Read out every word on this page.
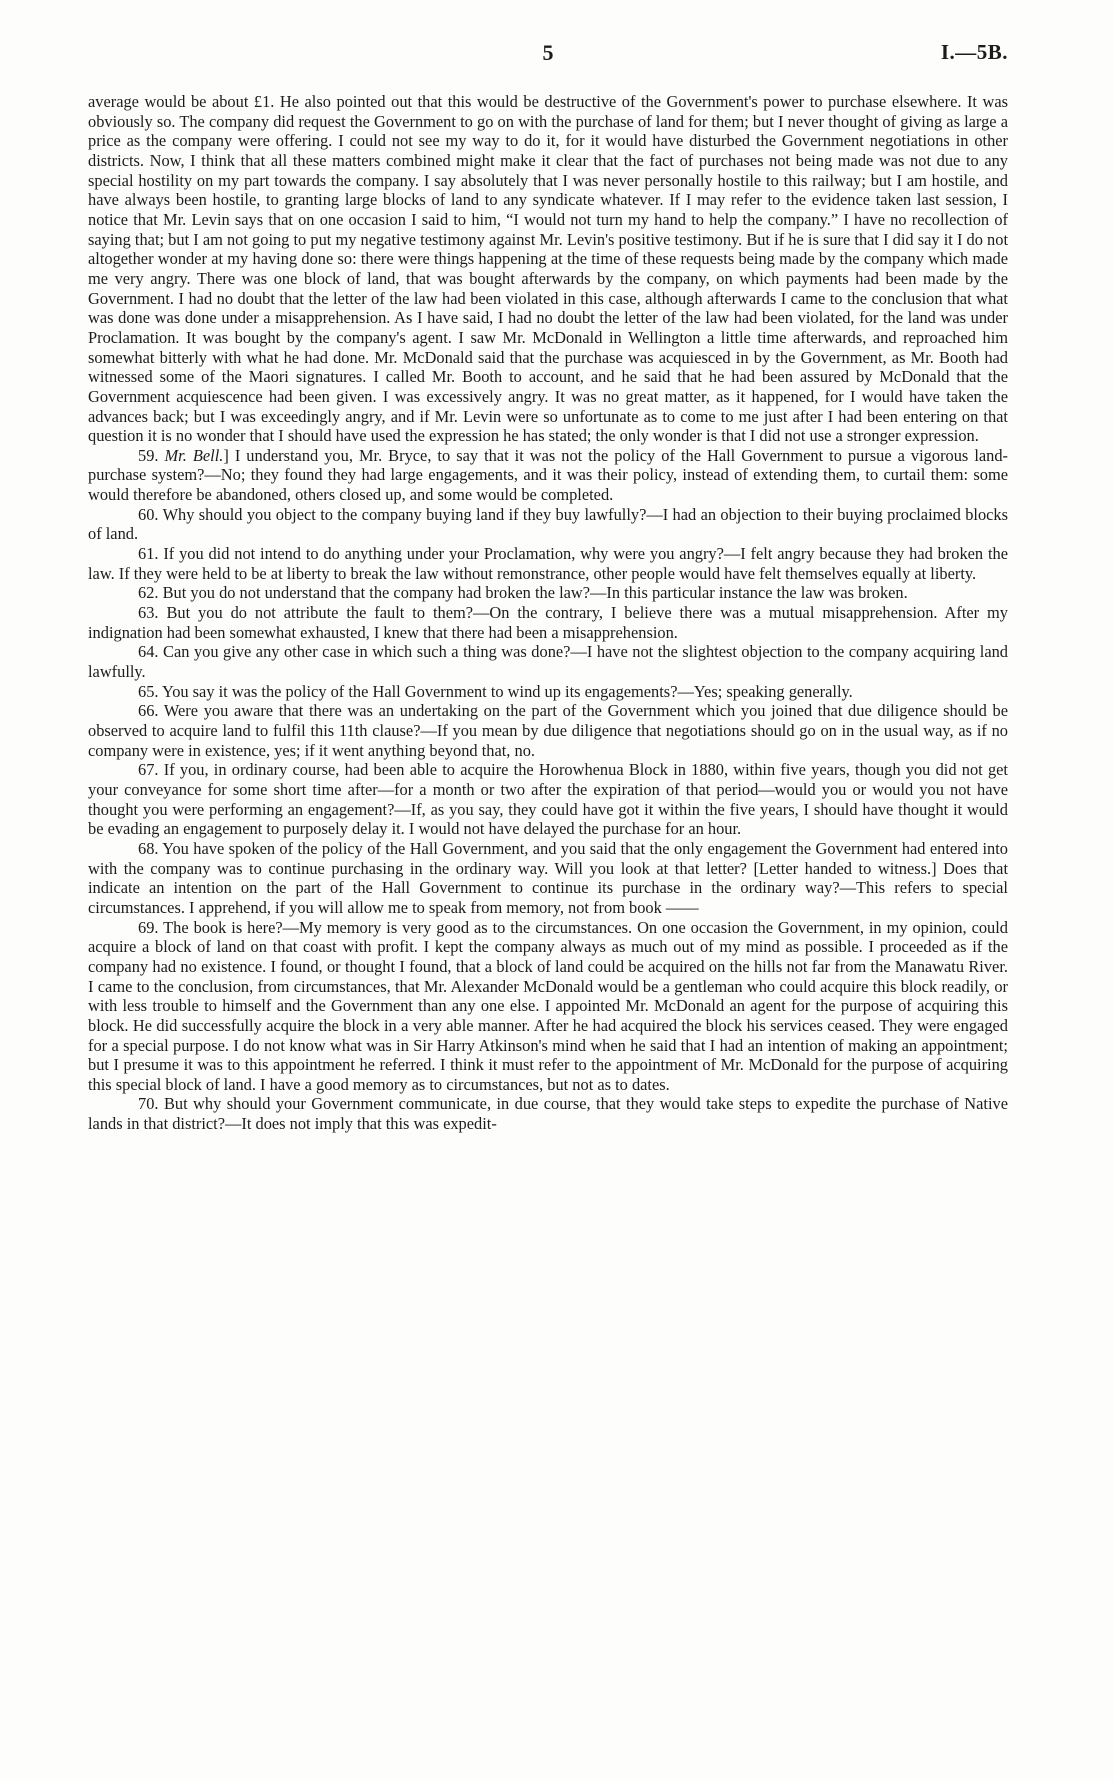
5	I.—5B.

average would be about £1. He also pointed out that this would be destructive of the Government's power to purchase elsewhere. It was obviously so. The company did request the Government to go on with the purchase of land for them; but I never thought of giving as large a price as the company were offering. I could not see my way to do it, for it would have disturbed the Government negotiations in other districts. Now, I think that all these matters combined might make it clear that the fact of purchases not being made was not due to any special hostility on my part towards the company. I say absolutely that I was never personally hostile to this railway; but I am hostile, and have always been hostile, to granting large blocks of land to any syndicate whatever. If I may refer to the evidence taken last session, I notice that Mr. Levin says that on one occasion I said to him, “I would not turn my hand to help the company.” I have no recollection of saying that; but I am not going to put my negative testimony against Mr. Levin's positive testimony. But if he is sure that I did say it I do not altogether wonder at my having done so: there were things happening at the time of these requests being made by the company which made me very angry. There was one block of land, that was bought afterwards by the company, on which payments had been made by the Government. I had no doubt that the letter of the law had been violated in this case, although afterwards I came to the conclusion that what was done was done under a misapprehension. As I have said, I had no doubt the letter of the law had been violated, for the land was under Proclamation. It was bought by the company's agent. I saw Mr. McDonald in Wellington a little time afterwards, and reproached him somewhat bitterly with what he had done. Mr. McDonald said that the purchase was acquiesced in by the Government, as Mr. Booth had witnessed some of the Maori signatures. I called Mr. Booth to account, and he said that he had been assured by McDonald that the Government acquiescence had been given. I was excessively angry. It was no great matter, as it happened, for I would have taken the advances back; but I was exceedingly angry, and if Mr. Levin were so unfortunate as to come to me just after I had been entering on that question it is no wonder that I should have used the expression he has stated; the only wonder is that I did not use a stronger expression.

59. Mr. Bell.] I understand you, Mr. Bryce, to say that it was not the policy of the Hall Government to pursue a vigorous land-purchase system?—No; they found they had large engagements, and it was their policy, instead of extending them, to curtail them: some would therefore be abandoned, others closed up, and some would be completed.

60. Why should you object to the company buying land if they buy lawfully?—I had an objection to their buying proclaimed blocks of land.

61. If you did not intend to do anything under your Proclamation, why were you angry?—I felt angry because they had broken the law. If they were held to be at liberty to break the law without remonstrance, other people would have felt themselves equally at liberty.

62. But you do not understand that the company had broken the law?—In this particular instance the law was broken.

63. But you do not attribute the fault to them?—On the contrary, I believe there was a mutual misapprehension. After my indignation had been somewhat exhausted, I knew that there had been a misapprehension.

64. Can you give any other case in which such a thing was done?—I have not the slightest objection to the company acquiring land lawfully.

65. You say it was the policy of the Hall Government to wind up its engagements?—Yes; speaking generally.

66. Were you aware that there was an undertaking on the part of the Government which you joined that due diligence should be observed to acquire land to fulfil this 11th clause?—If you mean by due diligence that negotiations should go on in the usual way, as if no company were in existence, yes; if it went anything beyond that, no.

67. If you, in ordinary course, had been able to acquire the Horowhenua Block in 1880, within five years, though you did not get your conveyance for some short time after—for a month or two after the expiration of that period—would you or would you not have thought you were performing an engagement?—If, as you say, they could have got it within the five years, I should have thought it would be evading an engagement to purposely delay it. I would not have delayed the purchase for an hour.

68. You have spoken of the policy of the Hall Government, and you said that the only engagement the Government had entered into with the company was to continue purchasing in the ordinary way. Will you look at that letter? [Letter handed to witness.] Does that indicate an intention on the part of the Hall Government to continue its purchase in the ordinary way?—This refers to special circumstances. I apprehend, if you will allow me to speak from memory, not from book ——

69. The book is here?—My memory is very good as to the circumstances. On one occasion the Government, in my opinion, could acquire a block of land on that coast with profit. I kept the company always as much out of my mind as possible. I proceeded as if the company had no existence. I found, or thought I found, that a block of land could be acquired on the hills not far from the Manawatu River. I came to the conclusion, from circumstances, that Mr. Alexander McDonald would be a gentleman who could acquire this block readily, or with less trouble to himself and the Government than any one else. I appointed Mr. McDonald an agent for the purpose of acquiring this block. He did successfully acquire the block in a very able manner. After he had acquired the block his services ceased. They were engaged for a special purpose. I do not know what was in Sir Harry Atkinson's mind when he said that I had an intention of making an appointment; but I presume it was to this appointment he referred. I think it must refer to the appointment of Mr. McDonald for the purpose of acquiring this special block of land. I have a good memory as to circumstances, but not as to dates.

70. But why should your Government communicate, in due course, that they would take steps to expedite the purchase of Native lands in that district?—It does not imply that this was expedit-
